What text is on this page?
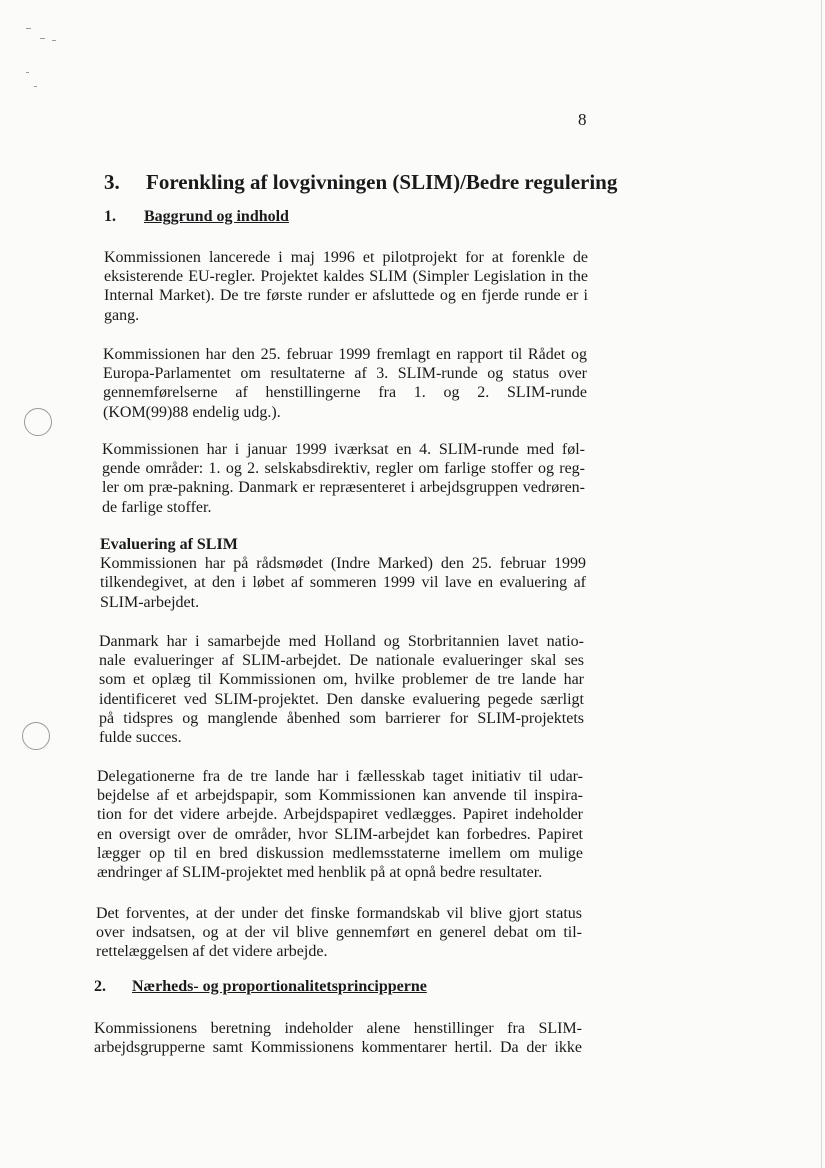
8
3. Forenkling af lovgivningen (SLIM)/Bedre regulering
1. Baggrund og indhold
Kommissionen lancerede i maj 1996 et pilotprojekt for at forenkle de
eksisterende EU-regler. Projektet kaldes SLIM (Simpler Legislation in the
Internal Market). De tre første runder er afsluttede og en fjerde runde er i
gang.
Kommissionen har den 25. februar 1999 fremlagt en rapport til Rådet og
Europa-Parlamentet om resultaterne af 3. SLIM-runde og status over
gennemførelserne af henstillingerne fra 1. og 2. SLIM-runde
(KOM(99)88 endelig udg.).
Kommissionen har i januar 1999 iværksat en 4. SLIM-runde med føl-
gende områder: 1. og 2. selskabsdirektiv, regler om farlige stoffer og reg-
ler om præ-pakning. Danmark er repræsenteret i arbejdsgruppen vedrøren-
de farlige stoffer.
Evaluering af SLIM
Kommissionen har på rådsmødet (Indre Marked) den 25. februar 1999
tilkendegivet, at den i løbet af sommeren 1999 vil lave en evaluering af
SLIM-arbejdet.
Danmark har i samarbejde med Holland og Storbritannien lavet natio-
nale evalueringer af SLIM-arbejdet. De nationale evalueringer skal ses
som et oplæg til Kommissionen om, hvilke problemer de tre lande har
identificeret ved SLIM-projektet. Den danske evaluering pegede særligt
på tidspres og manglende åbenhed som barrierer for SLIM-projektets
fulde succes.
Delegationerne fra de tre lande har i fællesskab taget initiativ til udar-
bejdelse af et arbejdspapir, som Kommissionen kan anvende til inspira-
tion for det videre arbejde. Arbejdspapiret vedlægges. Papiret indeholder
en oversigt over de områder, hvor SLIM-arbejdet kan forbedres. Papiret
lægger op til en bred diskussion medlemsstaterne imellem om mulige
ændringer af SLIM-projektet med henblik på at opnå bedre resultater.
Det forventes, at der under det finske formandskab vil blive gjort status
over indsatsen, og at der vil blive gennemført en generel debat om til-
rettelæggelsen af det videre arbejde.
2. Nærheds- og proportionalitetsprincipperne
Kommissionens beretning indeholder alene henstillinger fra SLIM-
arbejdsgrupperne samt Kommissionens kommentarer hertil. Da der ikke
